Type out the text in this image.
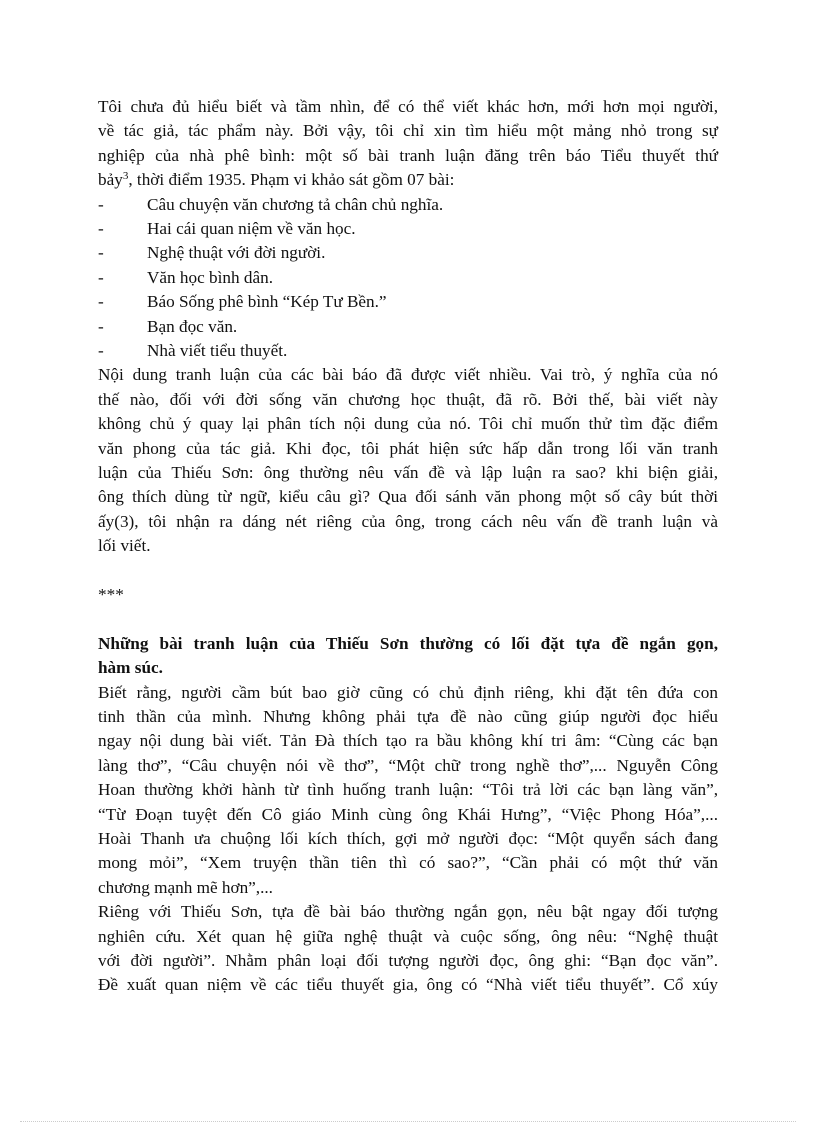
Tôi chưa đủ hiểu biết và tầm nhìn, để có thể viết khác hơn, mới hơn mọi người,
về tác giả, tác phẩm này. Bởi vậy, tôi chỉ xin tìm hiểu một mảng nhỏ trong sự
nghiệp của nhà phê bình: một số bài tranh luận đăng trên báo Tiểu thuyết thứ
bảy$^3$, thời điểm 1935. Phạm vi khảo sát gồm 07 bài:
-	Câu chuyện văn chương tả chân chủ nghĩa.
-	Hai cái quan niệm về văn học.
-	Nghệ thuật với đời người.
-	Văn học bình dân.
-	Báo Sống phê bình “Kép Tư Bền.”
-	Bạn đọc văn.
-	Nhà viết tiểu thuyết.
Nội dung tranh luận của các bài báo đã được viết nhiều. Vai trò, ý nghĩa của nó
thế nào, đối với đời sống văn chương học thuật, đã rõ. Bởi thế, bài viết này
không chủ ý quay lại phân tích nội dung của nó. Tôi chỉ muốn thử tìm đặc điểm
văn phong của tác giả. Khi đọc, tôi phát hiện sức hấp dẫn trong lối văn tranh
luận của Thiếu Sơn: ông thường nêu vấn đề và lập luận ra sao? khi biện giải,
ông thích dùng từ ngữ, kiểu câu gì? Qua đối sánh văn phong một số cây bút thời
ấy(3), tôi nhận ra dáng nét riêng của ông, trong cách nêu vấn đề tranh luận và
lối viết.
***
Những bài tranh luận của Thiếu Sơn thường có lối đặt tựa đề ngắn gọn,
hàm súc.
Biết rằng, người cầm bút bao giờ cũng có chủ định riêng, khi đặt tên đứa con
tinh thần của mình. Nhưng không phải tựa đề nào cũng giúp người đọc hiểu
ngay nội dung bài viết. Tản Đà thích tạo ra bầu không khí tri âm: “Cùng các bạn
làng thơ”, “Câu chuyện nói về thơ”, “Một chữ trong nghề thơ”,... Nguyễn Công
Hoan thường khởi hành từ tình huống tranh luận: “Tôi trả lời các bạn làng văn”,
“Từ Đoạn tuyệt đến Cô giáo Minh cùng ông Khái Hưng”, “Việc Phong Hóa”,...
Hoài Thanh ưa chuộng lối kích thích, gợi mở người đọc: “Một quyển sách đang
mong mỏi”, “Xem truyện thần tiên thì có sao?”, “Cần phải có một thứ văn
chương mạnh mẽ hơn”,...
Riêng với Thiếu Sơn, tựa đề bài báo thường ngắn gọn, nêu bật ngay đối tượng
nghiên cứu. Xét quan hệ giữa nghệ thuật và cuộc sống, ông nêu: “Nghệ thuật
với đời người”. Nhằm phân loại đối tượng người đọc, ông ghi: “Bạn đọc văn”.
Đề xuất quan niệm về các tiểu thuyết gia, ông có “Nhà viết tiểu thuyết”. Cổ xúy
